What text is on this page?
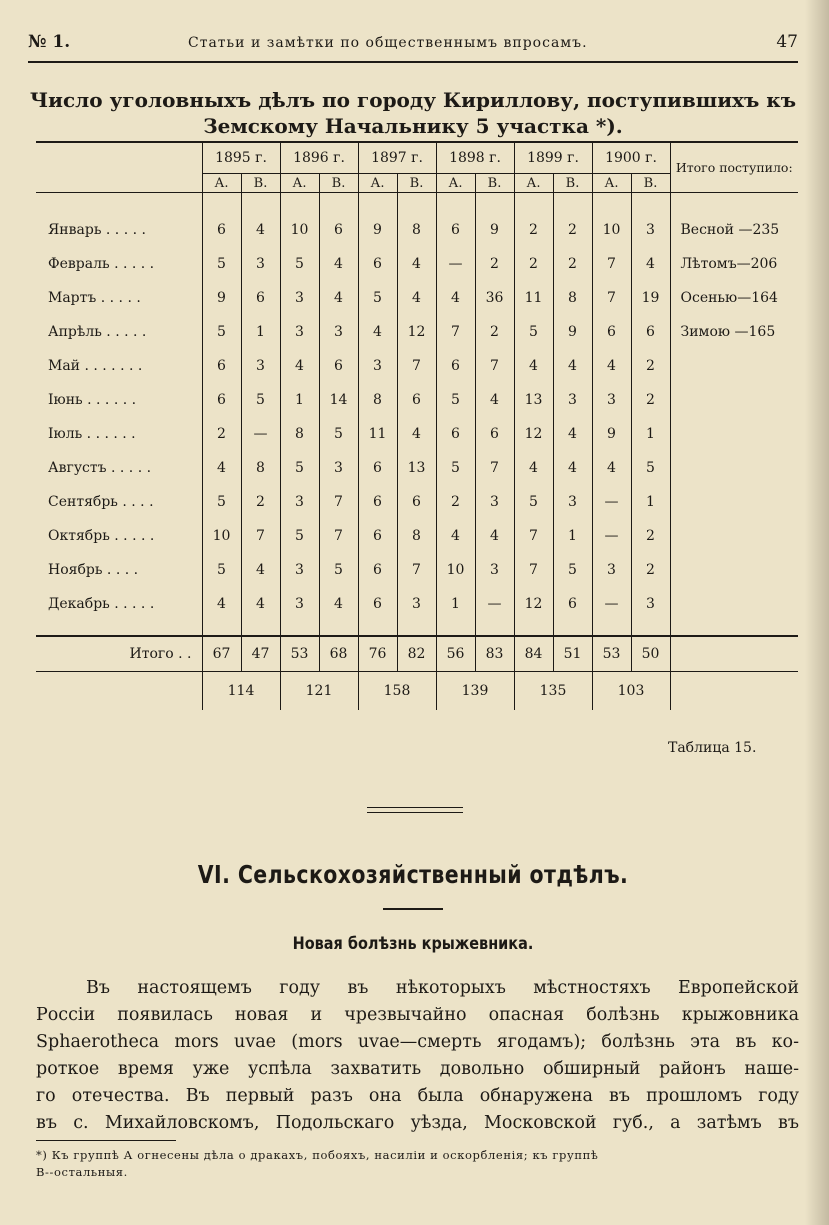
№ 1.	Статьи и замѣтки по общественнымъ впросамъ.	47
Число уголовныхъ дѣлъ по городу Кириллову, поступившихъ къ Земскому Начальнику 5 участка *).
	1895 г.		1896 г.		1897 г.		1898 г.		1899 г.		1900 г.		Итого поступило:
	А.	В.	А.	В.	А.	В.	А.	В.	А.	В.	А.	В.	

Январь . . . . .	6	4	10	6	9	8	6	9	2	2	10	3	Весной —235
Февраль . . . . .	5	3	5	4	6	4	—	2	2	2	7	4	Лѣтомъ—206
Мартъ . . . . .	9	6	3	4	5	4	4	36	11	8	7	19	Осенью—164
Апрѣль . . . . .	5	1	3	3	4	12	7	2	5	9	6	6	Зимою —165
Май . . . . . . .	6	3	4	6	3	7	6	7	4	4	4	2	
Іюнь . . . . . .	6	5	1	14	8	6	5	4	13	3	3	2	
Іюль . . . . . .	2	—	8	5	11	4	6	6	12	4	9	1	
Августъ . . . . .	4	8	5	3	6	13	5	7	4	4	4	5	
Сентябрь . . . .	5	2	3	7	6	6	2	3	5	3	—	1	
Октябрь . . . . .	10	7	5	7	6	8	4	4	7	1	—	2	
Ноябрь . . . .	5	4	3	5	6	7	10	3	7	5	3	2	
Декабрь . . . . .	4	4	3	4	6	3	1	—	12	6	—	3	

Итого . .	67	47	53	68	76	82	56	83	84	51	53	50	
	114		121		158		139		135		103		
Таблица 15.
VI. Сельскохозяйственный отдѣлъ.
Новая болѣзнь крыжевника.
Въ настоящемъ году въ нѣкоторыхъ мѣстностяхъ Европейской
Россіи появилась новая и чрезвычайно опасная болѣзнь крыжовника
Sphaerotheca mors uvae (mors uvae—смерть ягодамъ); болѣзнь эта въ ко-
роткое время уже успѣла захватить довольно обширный районъ наше-
го отечества. Въ первый разъ она была обнаружена въ прошломъ году
въ с. Михайловскомъ, Подольскаго уѣзда, Московской губ., а затѣмъ въ
*) Къ группѣ А огнесены дѣла о дракахъ, побояхъ, насиліи и оскорбленія; къ группѣ
В--остальныя.
